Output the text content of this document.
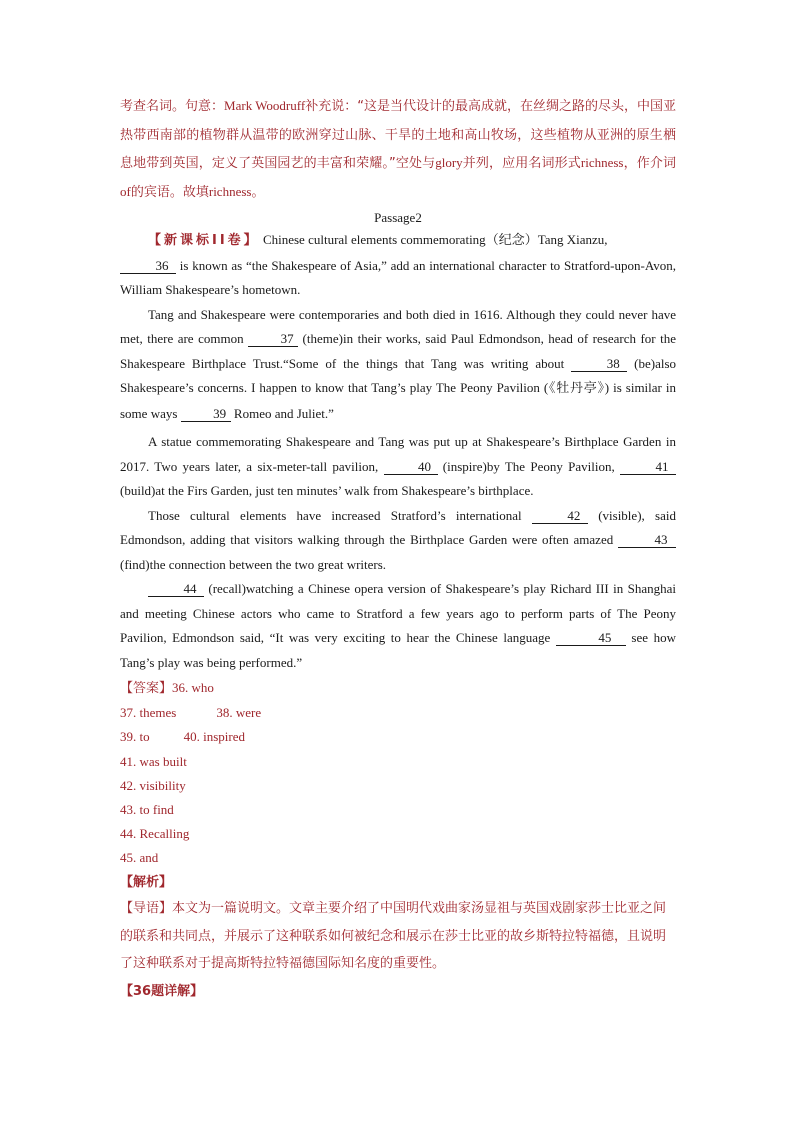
考查名词。句意：Mark Woodruff补充说：“这是当代设计的最高成就，在丝绸之路的尽头，中国亚热带西南部的植物群从温带的欧洲穿过山脉、干旱的土地和高山牧场，这些植物从亚洲的原生栖息地带到英国，定义了英国园艺的丰富和荣耀。”空处与glory并列，应用名词形式richness，作介词of的宾语。故填richness。

Passage2

【新课标ⅠⅠ卷】 Chinese cultural elements commemorating（纪念）Tang Xianzu,
36 is known as “the Shakespeare of Asia,” add an international character to Stratford-upon-Avon, William Shakespeare’s hometown.

Tang and Shakespeare were contemporaries and both died in 1616. Although they could never have met, there are common	37 (theme)in their works, said Paul Edmondson, head of research for the Shakespeare Birthplace Trust.“Some of the things that Tang was writing about	38 (be)also Shakespeare’s concerns. I happen to know that Tang’s play The Peony Pavilion (《牡丹亭》) is similar in some ways	39 Romeo and Juliet.”

A statue commemorating Shakespeare and Tang was put up at Shakespeare’s Birthplace Garden in 2017. Two years later, a six-meter-tall pavilion,	40 (inspire)by The Peony Pavilion,	41 (build)at the Firs Garden, just ten minutes’ walk from Shakespeare’s birthplace.

Those cultural elements have increased Stratford’s international	42 (visible), said Edmondson, adding that visitors walking through the Birthplace Garden were often amazed	43 (find)the connection between the two great writers.

44 (recall)watching a Chinese opera version of Shakespeare’s play Richard III in Shanghai and meeting Chinese actors who came to Stratford a few years ago to perform parts of The Peony Pavilion, Edmondson said, “It was very exciting to hear the Chinese language	45 see how Tang’s play was being performed.”

【答案】36. who

37. themes	38. were

39. to	40. inspired

41. was built

42. visibility

43. to find

44. Recalling

45. and

【解析】

【导语】本文为一篇说明文。文章主要介绍了中国明代戏曲家汤显祖与英国戏剧家莎士比亚之间的联系和共同点，并展示了这种联系如何被纪念和展示在莎士比亚的故乡斯特拉特福德，且说明了这种联系对于提高斯特拉特福德国际知名度的重要性。

【36题详解】
